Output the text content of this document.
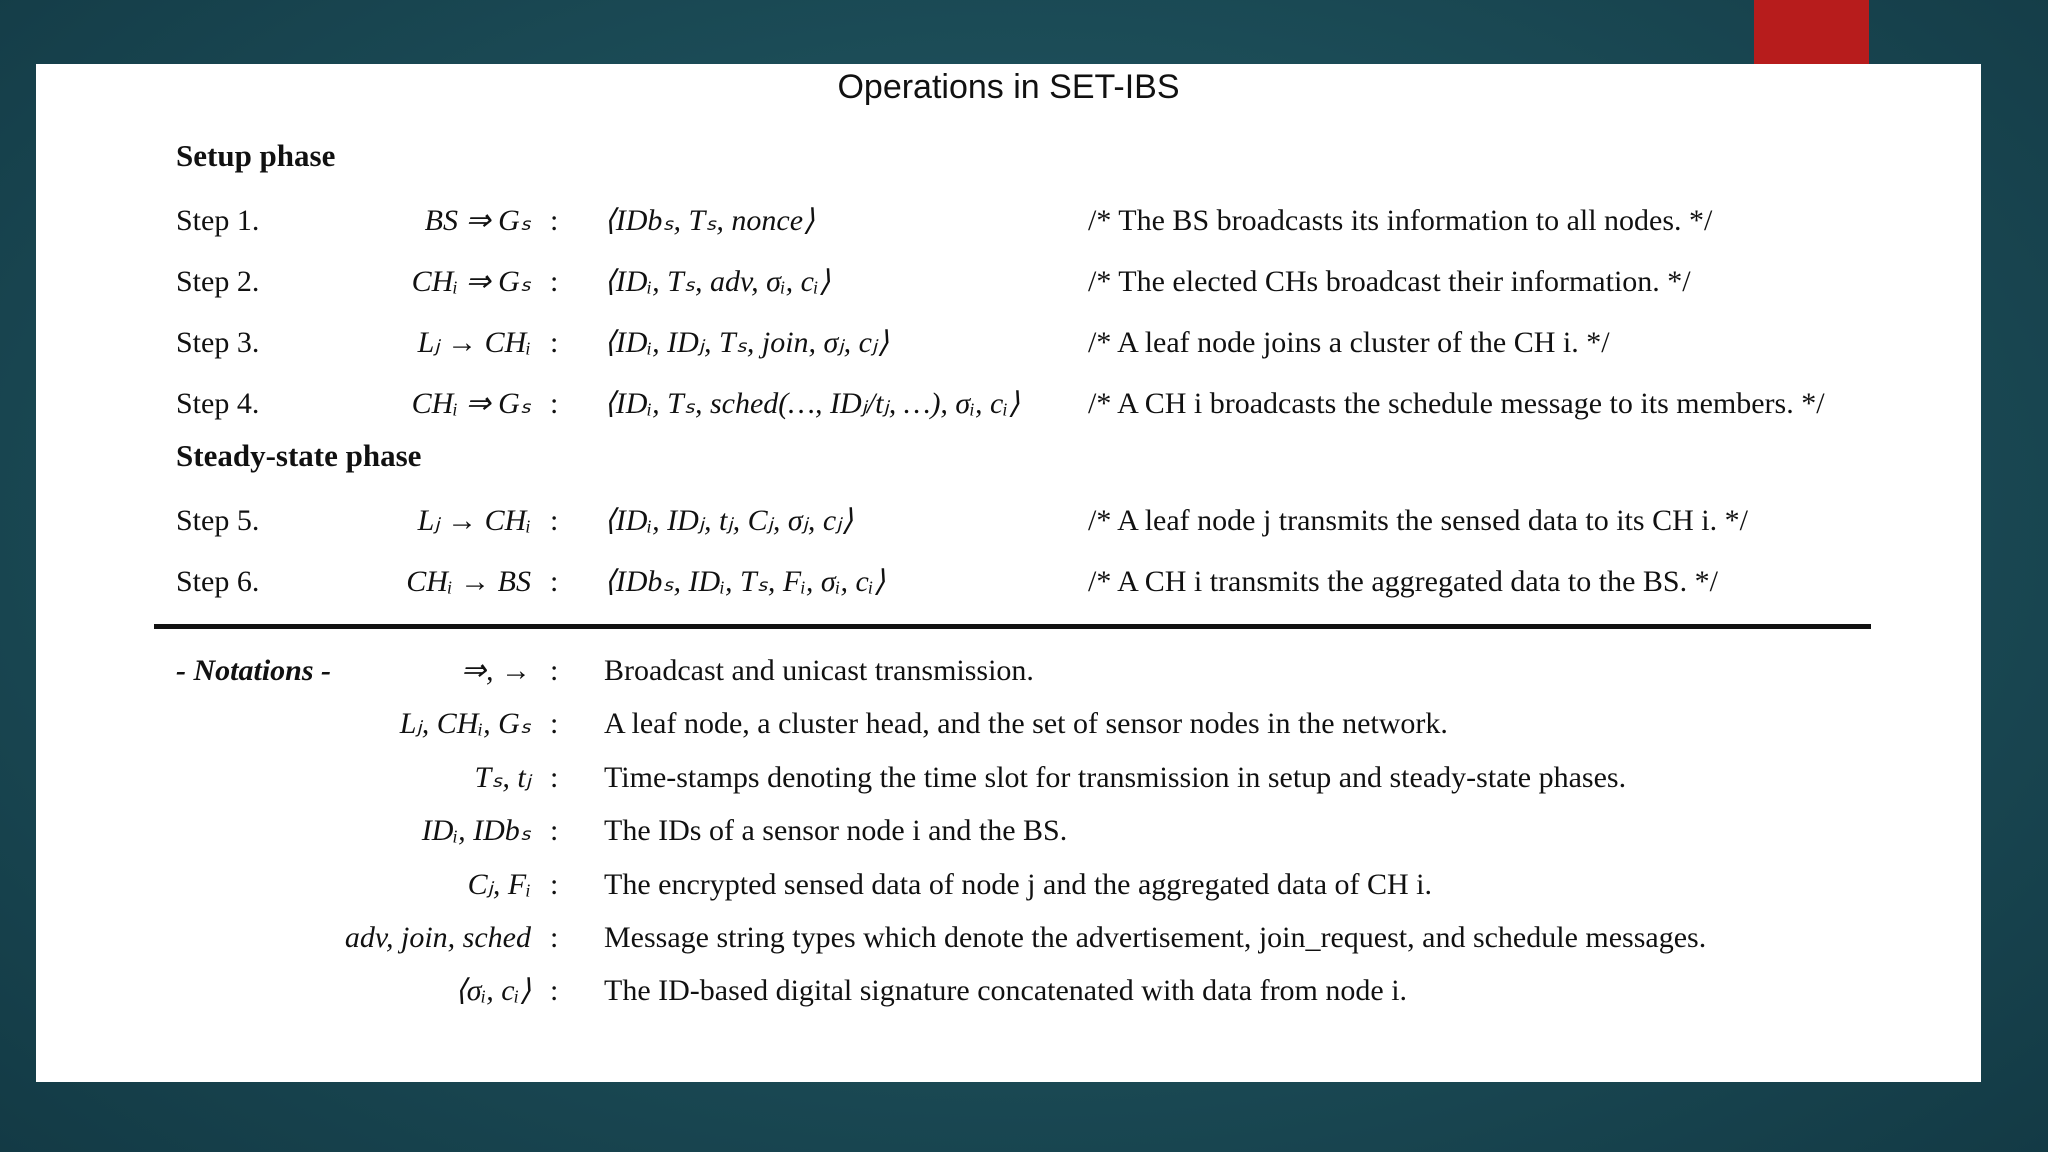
Operations in SET-IBS
Setup phase
Step 1.	BS ⇒ Gₛ : ⟨IDbₛ, Tₛ, nonce⟩	/* The BS broadcasts its information to all nodes. */
Step 2.	CHᵢ ⇒ Gₛ : ⟨IDᵢ, Tₛ, adv, σᵢ, cᵢ⟩	/* The elected CHs broadcast their information. */
Step 3.	Lⱼ → CHᵢ : ⟨IDᵢ, IDⱼ, Tₛ, join, σⱼ, cⱼ⟩	/* A leaf node joins a cluster of the CH i. */
Step 4.	CHᵢ ⇒ Gₛ : ⟨IDᵢ, Tₛ, sched(…, IDⱼ/tⱼ, …), σᵢ, cᵢ⟩ /* A CH i broadcasts the schedule message to its members. */
Steady-state phase
Step 5.	Lⱼ → CHᵢ : ⟨IDᵢ, IDⱼ, tⱼ, Cⱼ, σⱼ, cⱼ⟩	/* A leaf node j transmits the sensed data to its CH i. */
Step 6.	CHᵢ → BS : ⟨IDbₛ, IDᵢ, Tₛ, Fᵢ, σᵢ, cᵢ⟩	/* A CH i transmits the aggregated data to the BS. */
- Notations -	⇒, → : Broadcast and unicast transmission.
Lⱼ, CHᵢ, Gₛ : A leaf node, a cluster head, and the set of sensor nodes in the network.
Tₛ, tⱼ : Time-stamps denoting the time slot for transmission in setup and steady-state phases.
IDᵢ, IDbₛ : The IDs of a sensor node i and the BS.
Cⱼ, Fᵢ : The encrypted sensed data of node j and the aggregated data of CH i.
adv, join, sched : Message string types which denote the advertisement, join_request, and schedule messages.
⟨σᵢ, cᵢ⟩ : The ID-based digital signature concatenated with data from node i.
